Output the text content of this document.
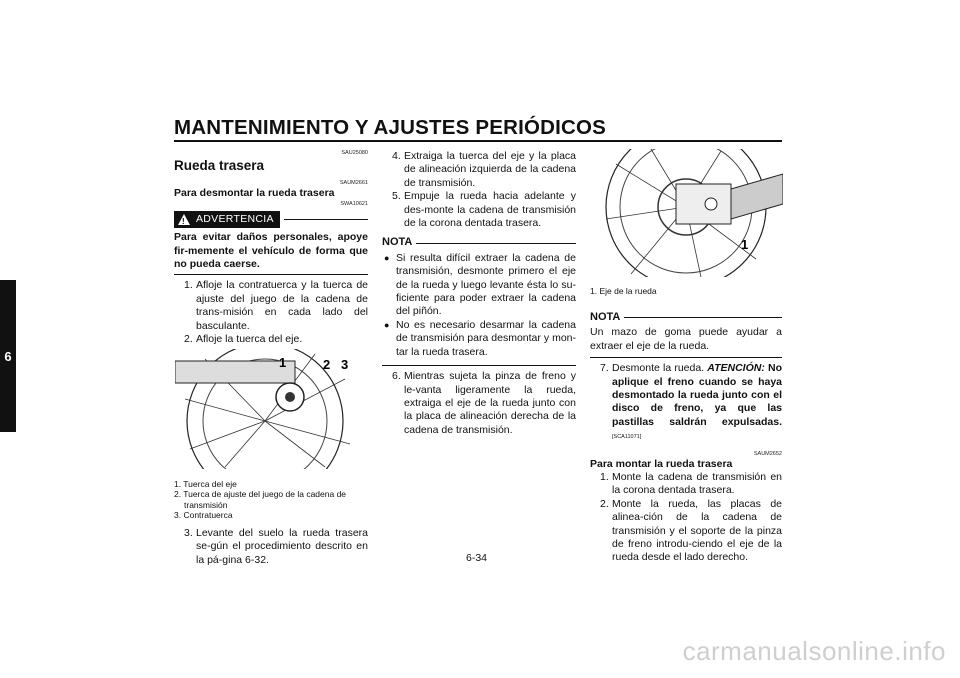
MANTENIMIENTO Y AJUSTES PERIÓDICOS
6
SAU25080
Rueda trasera
SAUM2661
Para desmontar la rueda trasera
SWA10621
! ADVERTENCIA

Para evitar daños personales, apoye fir-memente el vehículo de forma que no pueda caerse.

1. Afloje la contratuerca y la tuerca de ajuste del juego de la cadena de trans-misión en cada lado del basculante.
2. Afloje la tuerca del eje.
1	2 3
1. Tuerca del eje
2. Tuerca de ajuste del juego de la cadena de transmisión
3. Contratuerca
3. Levante del suelo la rueda trasera se-gún el procedimiento descrito en la pá-gina 6-32.
4. Extraiga la tuerca del eje y la placa de alineación izquierda de la cadena de transmisión.
5. Empuje la rueda hacia adelante y des-monte la cadena de transmisión de la corona dentada trasera.
NOTA
● Si resulta difícil extraer la cadena de transmisión, desmonte primero el eje de la rueda y luego levante ésta lo su-ficiente para poder extraer la cadena del piñón.
● No es necesario desarmar la cadena de transmisión para desmontar y mon-tar la rueda trasera.
6. Mientras sujeta la pinza de freno y le-vanta ligeramente la rueda, extraiga el eje de la rueda junto con la placa de alineación derecha de la cadena de transmisión.
1
1. Eje de la rueda
NOTA
Un mazo de goma puede ayudar a extraer el eje de la rueda.
7. Desmonte la rueda. ATENCIÓN: No aplique el freno cuando se haya desmontado la rueda junto con el disco de freno, ya que las pastillas saldrán expulsadas. [SCA11071]
SAUM2652
Para montar la rueda trasera
1. Monte la cadena de transmisión en la corona dentada trasera.
2. Monte la rueda, las placas de alinea-ción de la cadena de transmisión y el soporte de la pinza de freno introdu-ciendo el eje de la rueda desde el lado derecho.
6-34
carmanualsonline.info
